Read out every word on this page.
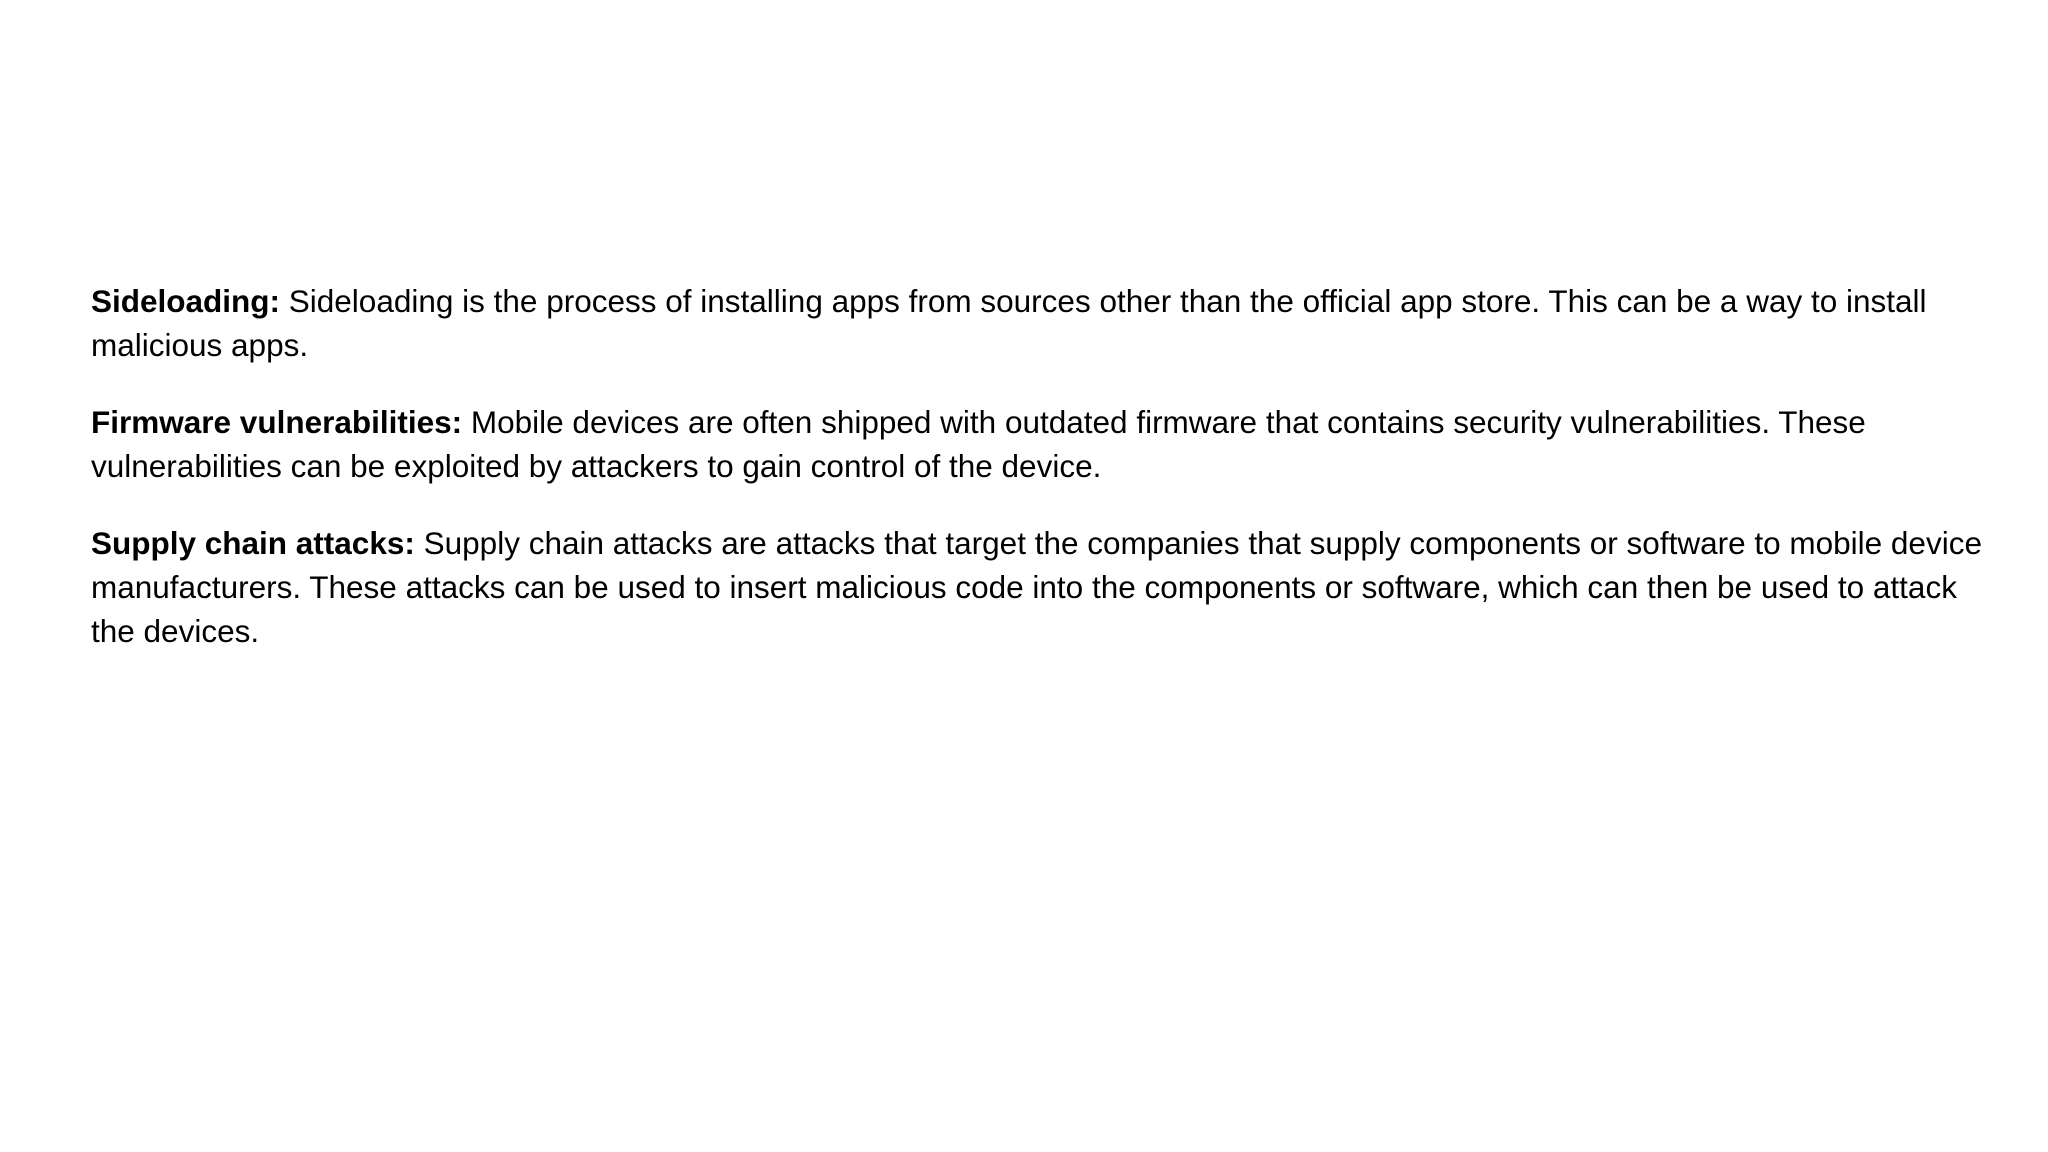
Sideloading: Sideloading is the process of installing apps from sources other than the official app store. This can be a way to install malicious apps.

Firmware vulnerabilities: Mobile devices are often shipped with outdated firmware that contains security vulnerabilities. These vulnerabilities can be exploited by attackers to gain control of the device.

Supply chain attacks: Supply chain attacks are attacks that target the companies that supply components or software to mobile device manufacturers. These attacks can be used to insert malicious code into the components or software, which can then be used to attack the devices.
